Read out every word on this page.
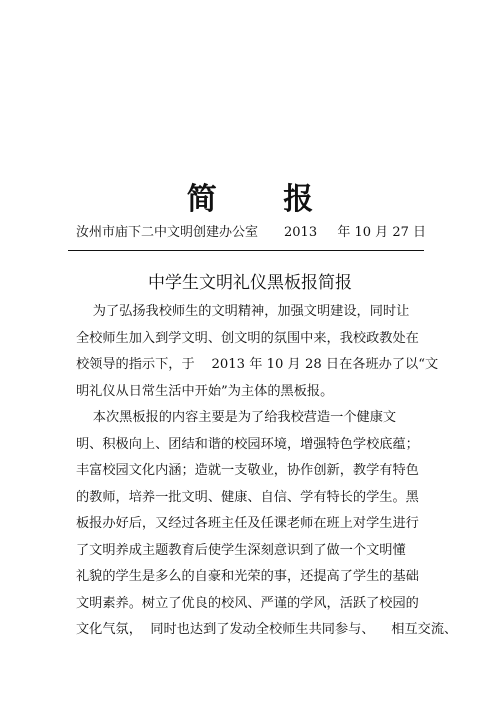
简 报
汝州市庙下二中文明创建办公室 2013 年 10 月 27 日
中学生文明礼仪黑板报简报
为了弘扬我校师生的文明精神，加强文明建设，同时让
全校师生加入到学文明、创文明的氛围中来，我校政教处在
校领导的指示下，于    2013 年 10 月 28 日在各班办了以“文
明礼仪从日常生活中开始”为主体的黑板报。
本次黑板报的内容主要是为了给我校营造一个健康文
明、积极向上、团结和谐的校园环境，增强特色学校底蕴；
丰富校园文化内涵；造就一支敬业，协作创新，教学有特色
的教师，培养一批文明、健康、自信、学有特长的学生。黑
板报办好后，又经过各班主任及任课老师在班上对学生进行
了文明养成主题教育后使学生深刻意识到了做一个文明懂
礼貌的学生是多么的自豪和光荣的事，还提高了学生的基础
文明素养。树立了优良的校风、严谨的学风，活跃了校园的
文化气氛，  同时也达到了发动全校师生共同参与、    相互交流、
